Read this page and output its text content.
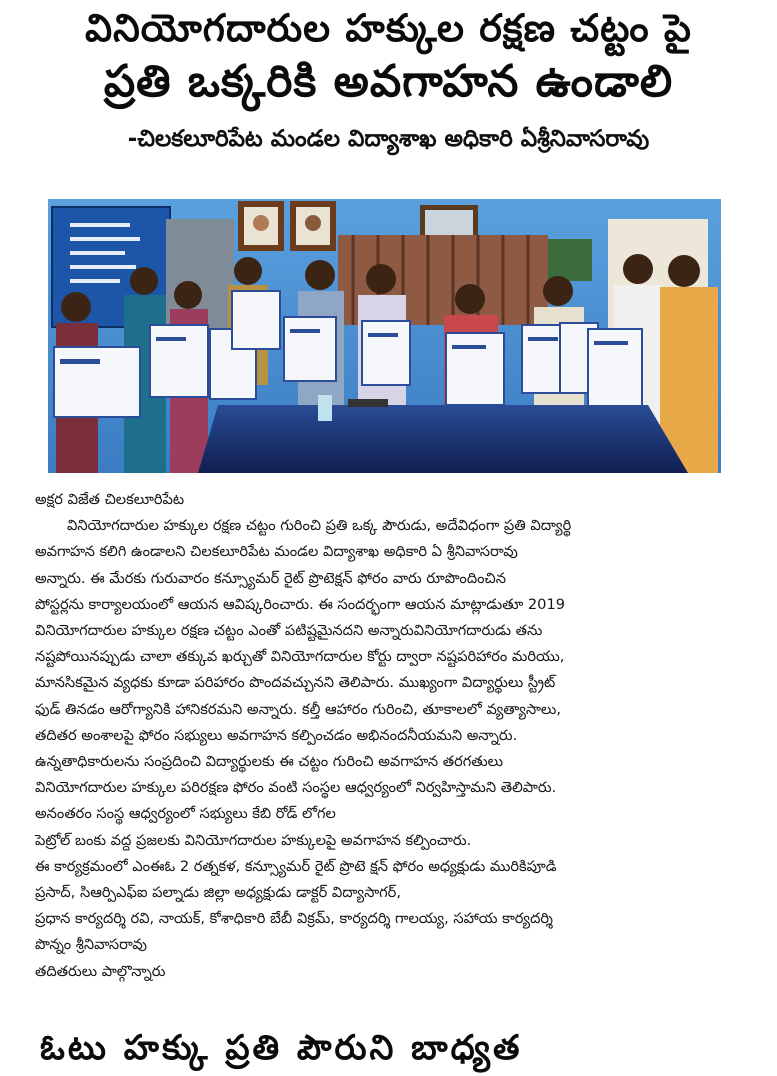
వినియోగదారుల హక్కుల రక్షణ చట్టం పై
ప్రతి ఒక్కరికి అవగాహన ఉండాలి
-చిలకలూరిపేట మండల విద్యాశాఖ అధికారి ఏశ్రీనివాసరావు

అక్షర విజేత చిలకలూరిపేట

వినియోగదారుల హక్కుల రక్షణ చట్టం గురించి ప్రతి ఒక్క పౌరుడు, అదేవిధంగా ప్రతి విద్యార్థి

అవగాహన కలిగి ఉండాలని చిలకలూరిపేట మండల విద్యాశాఖ అధికారి ఏ శ్రీనివాసరావు

అన్నారు. ఈ మేరకు గురువారం కన్స్యూమర్ రైట్ ప్రొటెక్షన్ ఫోరం వారు రూపొందించిన

పోస్టర్లను కార్యాలయంలో ఆయన ఆవిష్కరించారు. ఈ సందర్భంగా ఆయన మాట్లాడుతూ 2019

వినియోగదారుల హక్కుల రక్షణ చట్టం ఎంతో పటిష్టమైనదని అన్నారువినియోగదారుడు తను

నష్టపోయినప్పుడు చాలా తక్కువ ఖర్చుతో వినియోగదారుల కోర్టు ద్వారా నష్టపరిహారం మరియు,

మానసికమైన వ్యధకు కూడా పరిహారం పొందవచ్చునని తెలిపారు. ముఖ్యంగా విద్యార్థులు స్ట్రీట్

ఫుడ్ తినడం ఆరోగ్యానికి హానికరమని అన్నారు. కల్తీ ఆహారం గురించి, తూకాలలో వ్యత్యాసాలు,

తదితర అంశాలపై ఫోరం సభ్యులు అవగాహన కల్పించడం అభినందనీయమని అన్నారు.

ఉన్నతాధికారులను సంప్రదించి విద్యార్థులకు ఈ చట్టం గురించి అవగాహన తరగతులు

వినియోగదారుల హక్కుల పరిరక్షణ ఫోరం వంటి సంస్థల ఆధ్వర్యంలో నిర్వహిస్తామని తెలిపారు.

అనంతరం సంస్థ ఆధ్వర్యంలో సభ్యులు కేబి రోడ్ లోగల

పెట్రోల్ బంకు వద్ద ప్రజలకు వినియోగదారుల హక్కులపై అవగాహన కల్పించారు.

ఈ కార్యక్రమంలో ఎంఈఓ 2 రత్నకళ, కన్స్యూమర్ రైట్ ప్రొటె క్షన్ ఫోరం అధ్యక్షుడు మురికిపూడి

ప్రసాద్, సిఆర్పిఎఫ్ఐ పల్నాడు జిల్లా అధ్యక్షుడు డాక్టర్ విద్యాసాగర్,

ప్రధాన కార్యదర్శి రవి, నాయక్, కోశాధికారి బేబీ విక్రమ్, కార్యదర్శి గాలయ్య, సహాయ కార్యదర్శి

పొన్నం శ్రీనివాసరావు

తదితరులు పాల్గొన్నారు

ఓటు హక్కు ప్రతి పౌరుని బాధ్యత
